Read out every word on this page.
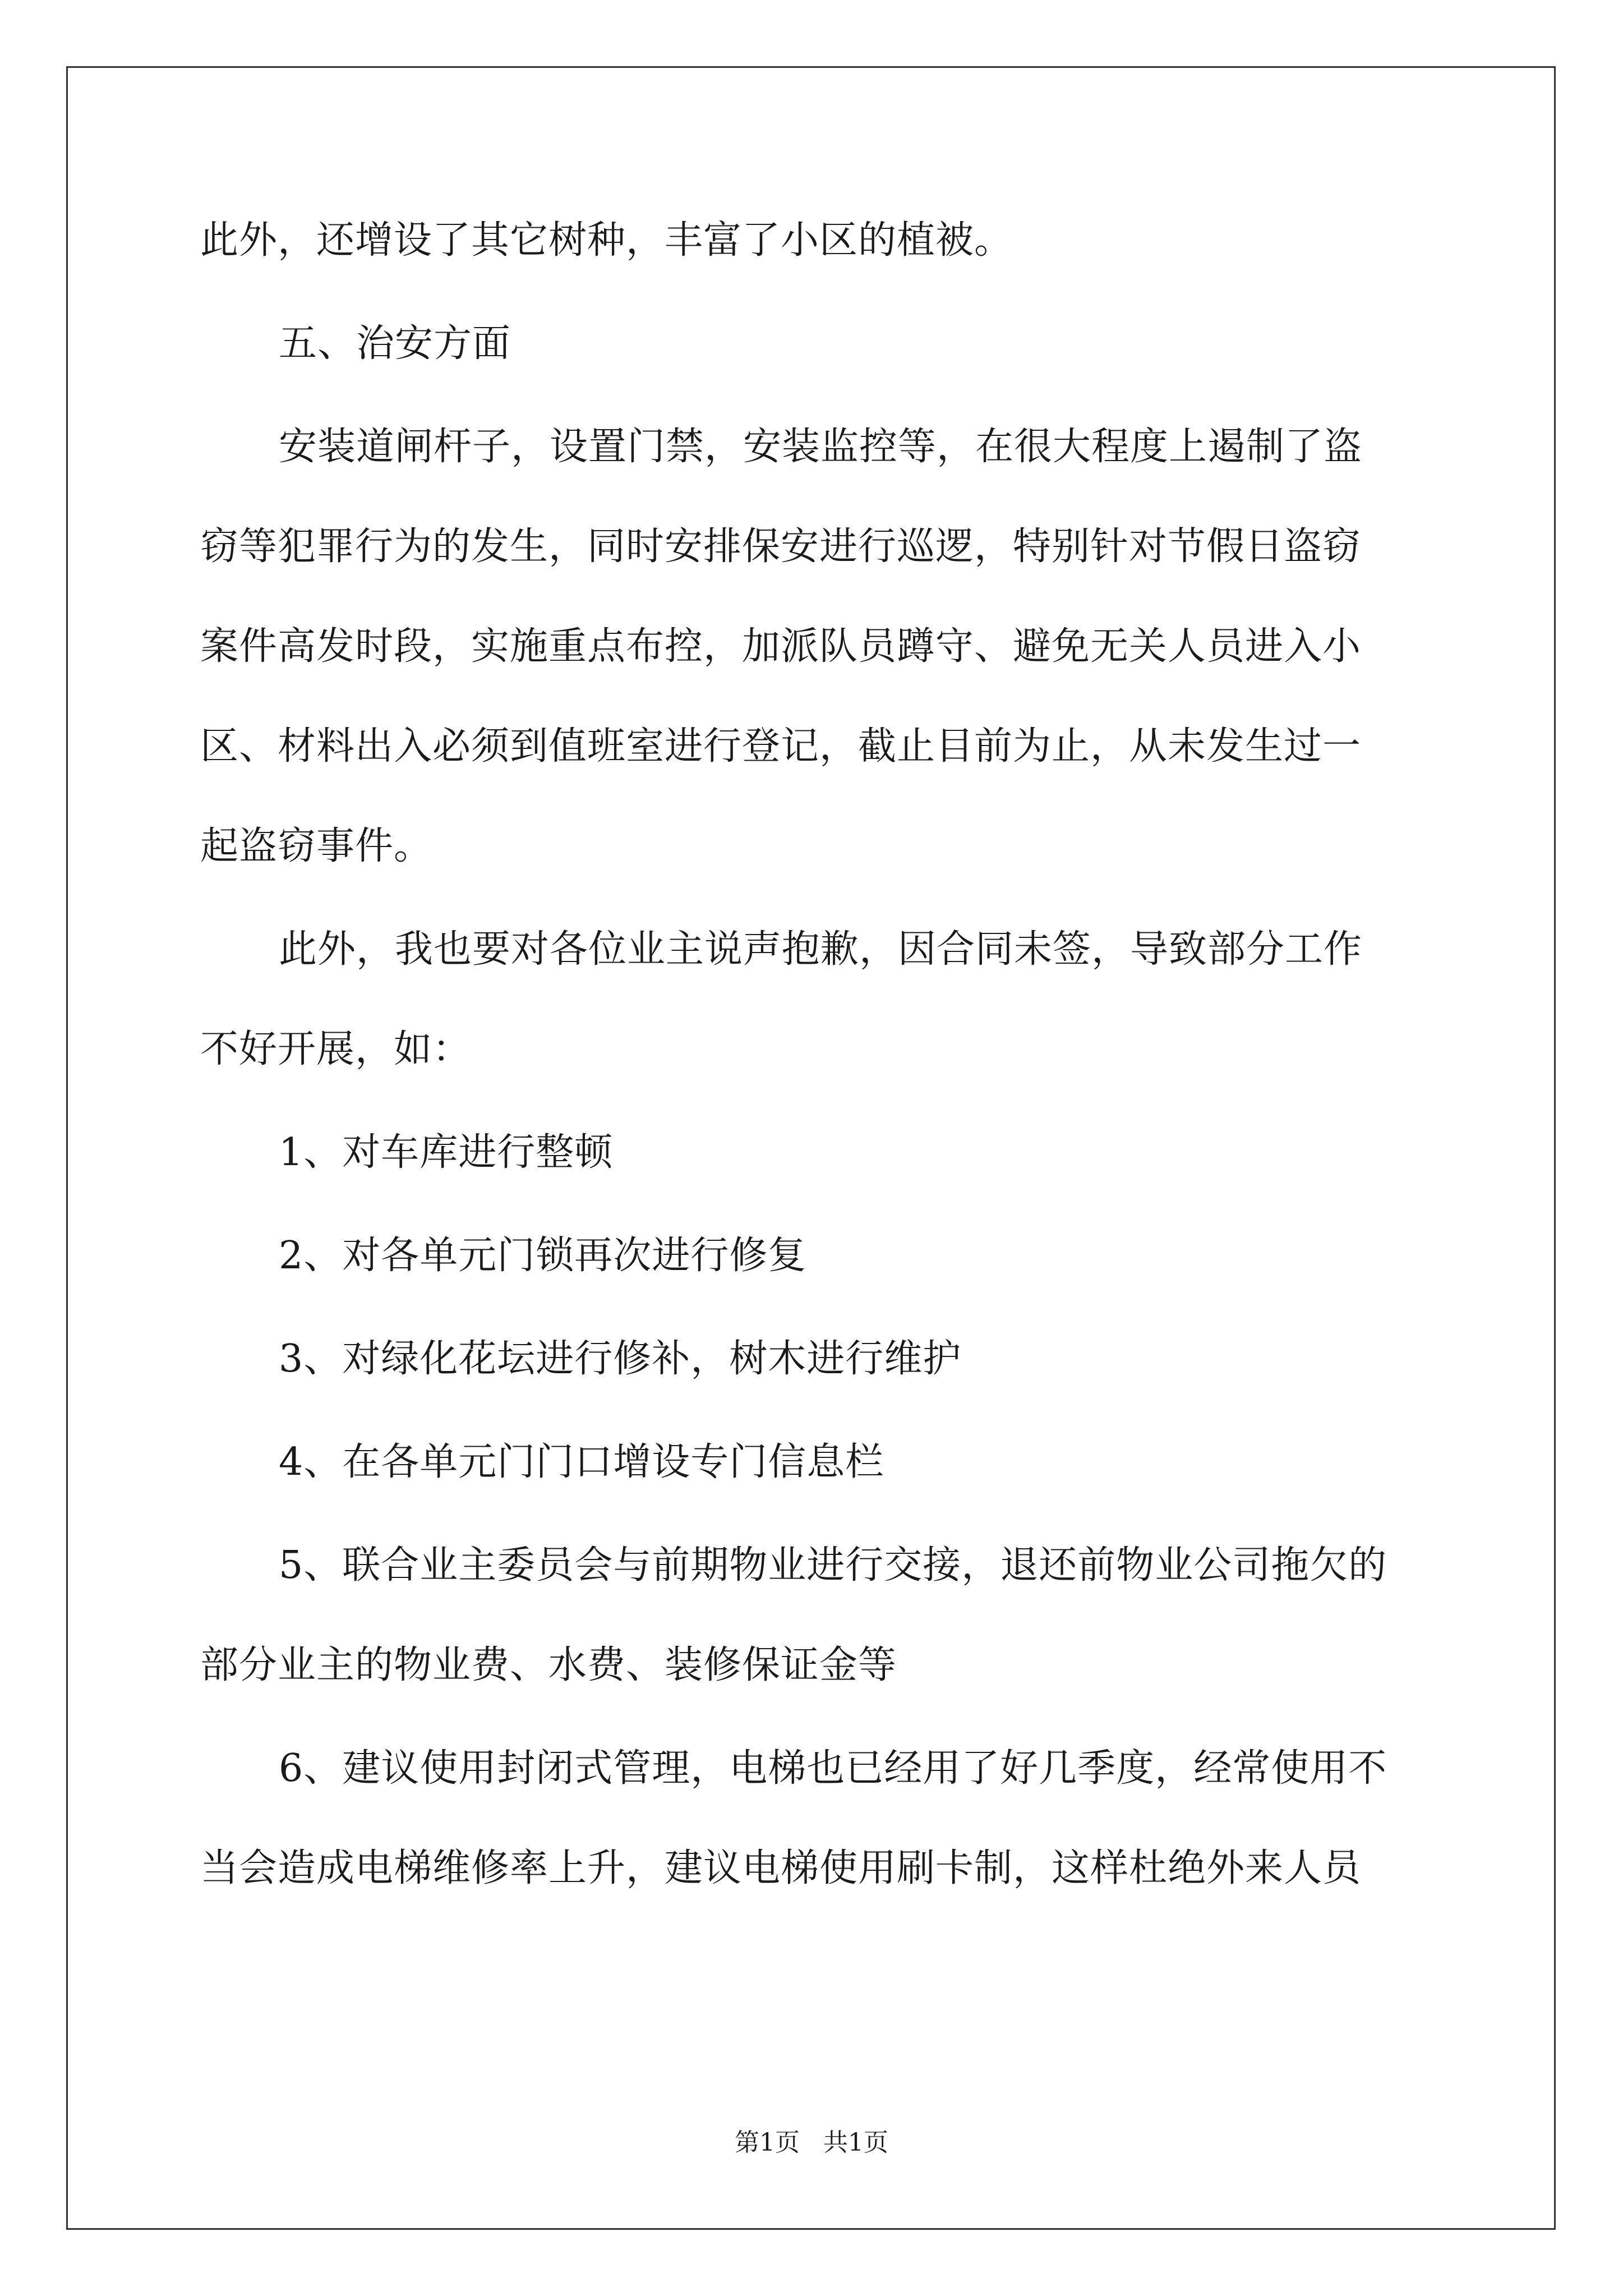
此外，还增设了其它树种，丰富了小区的植被。
五、治安方面
安装道闸杆子，设置门禁，安装监控等，在很大程度上遏制了盗
窃等犯罪行为的发生，同时安排保安进行巡逻，特别针对节假日盗窃
案件高发时段，实施重点布控，加派队员蹲守、避免无关人员进入小
区、材料出入必须到值班室进行登记，截止目前为止，从未发生过一
起盗窃事件。
此外，我也要对各位业主说声抱歉，因合同未签，导致部分工作
不好开展，如：
1、对车库进行整顿
2、对各单元门锁再次进行修复
3、对绿化花坛进行修补，树木进行维护
4、在各单元门门口增设专门信息栏
5、联合业主委员会与前期物业进行交接，退还前物业公司拖欠的
部分业主的物业费、水费、装修保证金等
6、建议使用封闭式管理，电梯也已经用了好几季度，经常使用不
当会造成电梯维修率上升，建议电梯使用刷卡制，这样杜绝外来人员
第1页   共1页
